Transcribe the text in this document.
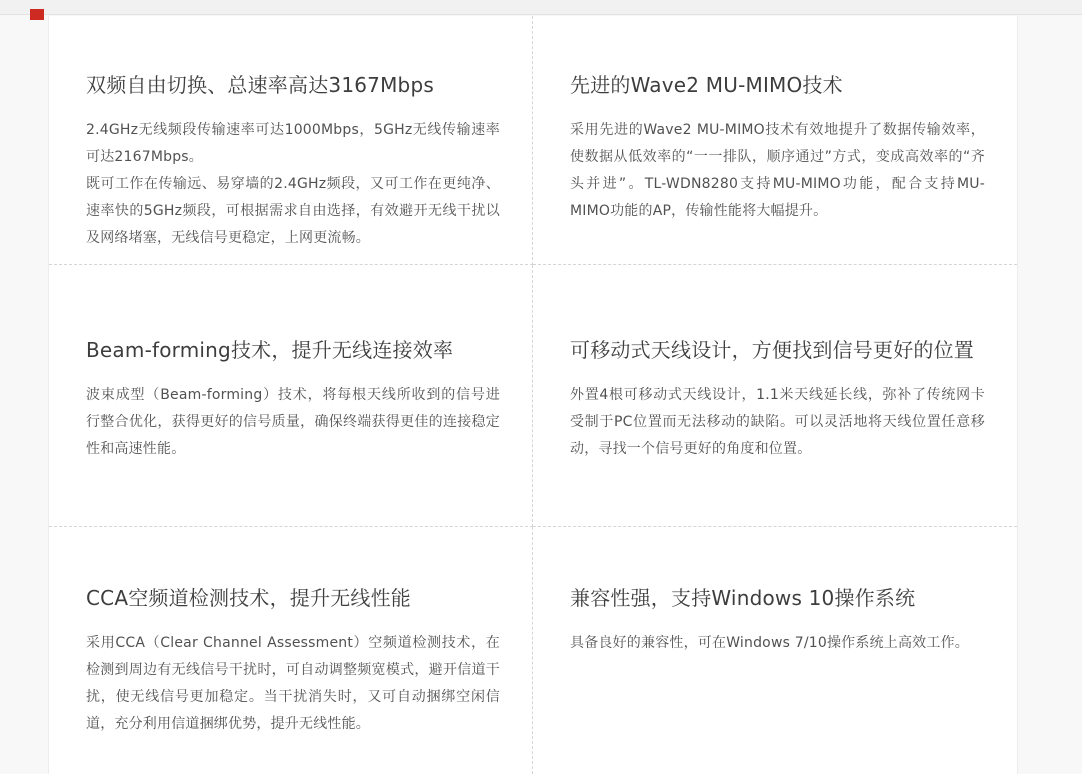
双频自由切换、总速率高达3167Mbps

2.4GHz无线频段传输速率可达1000Mbps，5GHz无线传输速率可达2167Mbps。

既可工作在传输远、易穿墙的2.4GHz频段，又可工作在更纯净、速率快的5GHz频段，可根据需求自由选择，有效避开无线干扰以及网络堵塞，无线信号更稳定，上网更流畅。

先进的Wave2 MU-MIMO技术

采用先进的Wave2 MU-MIMO技术有效地提升了数据传输效率，使数据从低效率的“一一排队，顺序通过”方式，变成高效率的“齐头并进”。TL-WDN8280支持MU-MIMO功能，配合支持MU-MIMO功能的AP，传输性能将大幅提升。

Beam-forming技术，提升无线连接效率

波束成型（Beam-forming）技术，将每根天线所收到的信号进行整合优化，获得更好的信号质量，确保终端获得更佳的连接稳定性和高速性能。

可移动式天线设计，方便找到信号更好的位置

外置4根可移动式天线设计，1.1米天线延长线，弥补了传统网卡受制于PC位置而无法移动的缺陷。可以灵活地将天线位置任意移动，寻找一个信号更好的角度和位置。

CCA空频道检测技术，提升无线性能

采用CCA（Clear Channel Assessment）空频道检测技术，在检测到周边有无线信号干扰时，可自动调整频宽模式，避开信道干扰，使无线信号更加稳定。当干扰消失时，又可自动捆绑空闲信道，充分利用信道捆绑优势，提升无线性能。

兼容性强，支持Windows 10操作系统

具备良好的兼容性，可在Windows 7/10操作系统上高效工作。
